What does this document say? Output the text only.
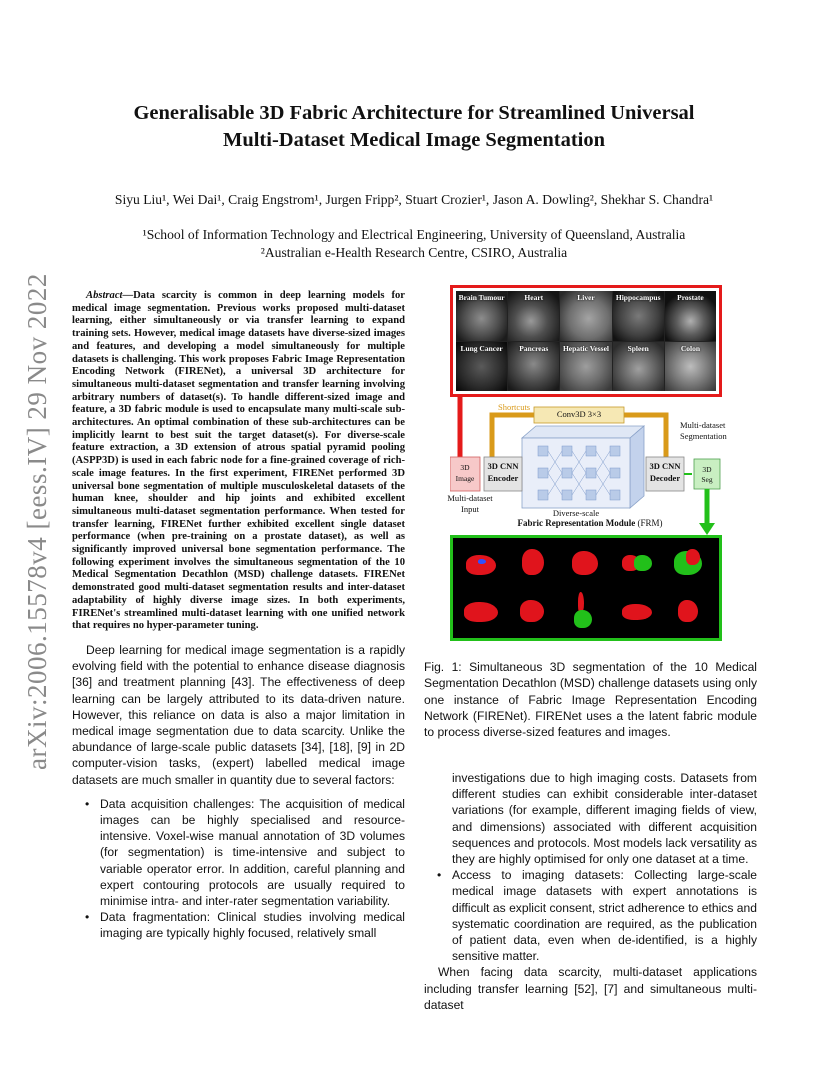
Generalisable 3D Fabric Architecture for Streamlined Universal
Multi-Dataset Medical Image Segmentation
Siyu Liu¹, Wei Dai¹, Craig Engstrom¹, Jurgen Fripp², Stuart Crozier¹, Jason A. Dowling², Shekhar S. Chandra¹
¹School of Information Technology and Electrical Engineering, University of Queensland, Australia
²Australian e-Health Research Centre, CSIRO, Australia
arXiv:2006.15578v4 [eess.IV] 29 Nov 2022	Abstract—Data scarcity is common in deep learning models for medical image segmentation. Previous works proposed multi-dataset learning, either simultaneously or via transfer learning to expand training sets. However, medical image datasets have diverse-sized images and features, and developing a model simultaneously for multiple datasets is challenging. This work proposes Fabric Image Representation Encoding Network (FIRENet), a universal 3D architecture for simultaneous multi-dataset segmentation and transfer learning involving arbitrary numbers of dataset(s). To handle different-sized image and feature, a 3D fabric module is used to encapsulate many multi-scale sub-architectures. An optimal combination of these sub-architectures can be implicitly learnt to best suit the target dataset(s). For diverse-scale feature extraction, a 3D extension of atrous spatial pyramid pooling (ASPP3D) is used in each fabric node for a fine-grained coverage of rich-scale image features. In the first experiment, FIRENet performed 3D universal bone segmentation of multiple musculoskeletal datasets of the human knee, shoulder and hip joints and exhibited excellent simultaneous multi-dataset segmentation performance. When tested for transfer learning, FIRENet further exhibited excellent single dataset performance (when pre-training on a prostate dataset), as well as significantly improved universal bone segmentation performance. The following experiment involves the simultaneous segmentation of the 10 Medical Segmentation Decathlon (MSD) challenge datasets. FIRENet demonstrated good multi-dataset segmentation results and inter-dataset adaptability of highly diverse image sizes. In both experiments, FIRENet's streamlined multi-dataset learning with one unified network that requires no hyper-parameter tuning.

Deep learning for medical image segmentation is a rapidly evolving field with the potential to enhance disease diagnosis [36] and treatment planning [43]. The effectiveness of deep learning can be largely attributed to its data-driven nature. However, this reliance on data is also a major limitation in medical image segmentation due to data scarcity. Unlike the abundance of large-scale public datasets [34], [18], [9] in 2D computer-vision tasks, (expert) labelled medical image datasets are much smaller in quantity due to several factors:

• Data acquisition challenges: The acquisition of medical images can be highly specialised and resource-intensive. Voxel-wise manual annotation of 3D volumes (for segmentation) is time-intensive and subject to variable operator error. In addition, careful planning and expert contouring protocols are usually required to minimise intra- and inter-rater segmentation variability.
• Data fragmentation: Clinical studies involving medical imaging are typically highly focused, relatively small
Brain Tumour	Heart	Liver	Hippocampus	Prostate
Lung Cancer	Pancreas	Hepatic Vessel	Spleen	Colon
Shortcuts
Conv3D 3×3
Multi-dataset
Segmentation
3D
Image
3D CNN
Encoder
3D CNN
Decoder
3D
Seg
Multi-dataset
Input	Diverse-scale
Fabric Representation Module (FRM)

Fig. 1: Simultaneous 3D segmentation of the 10 Medical Segmentation Decathlon (MSD) challenge datasets using only one instance of Fabric Image Representation Encoding Network (FIRENet). FIRENet uses a the latent fabric module to process diverse-sized features and images.

investigations due to high imaging costs. Datasets from different studies can exhibit considerable inter-dataset variations (for example, different imaging fields of view, and dimensions) associated with different acquisition sequences and protocols. Most models lack versatility as they are highly optimised for only one dataset at a time.
• Access to imaging datasets: Collecting large-scale medical image datasets with expert annotations is difficult as explicit consent, strict adherence to ethics and systematic coordination are required, as the publication of patient data, even when de-identified, is a highly sensitive matter.

When facing data scarcity, multi-dataset applications including transfer learning [52], [7] and simultaneous multi-dataset
